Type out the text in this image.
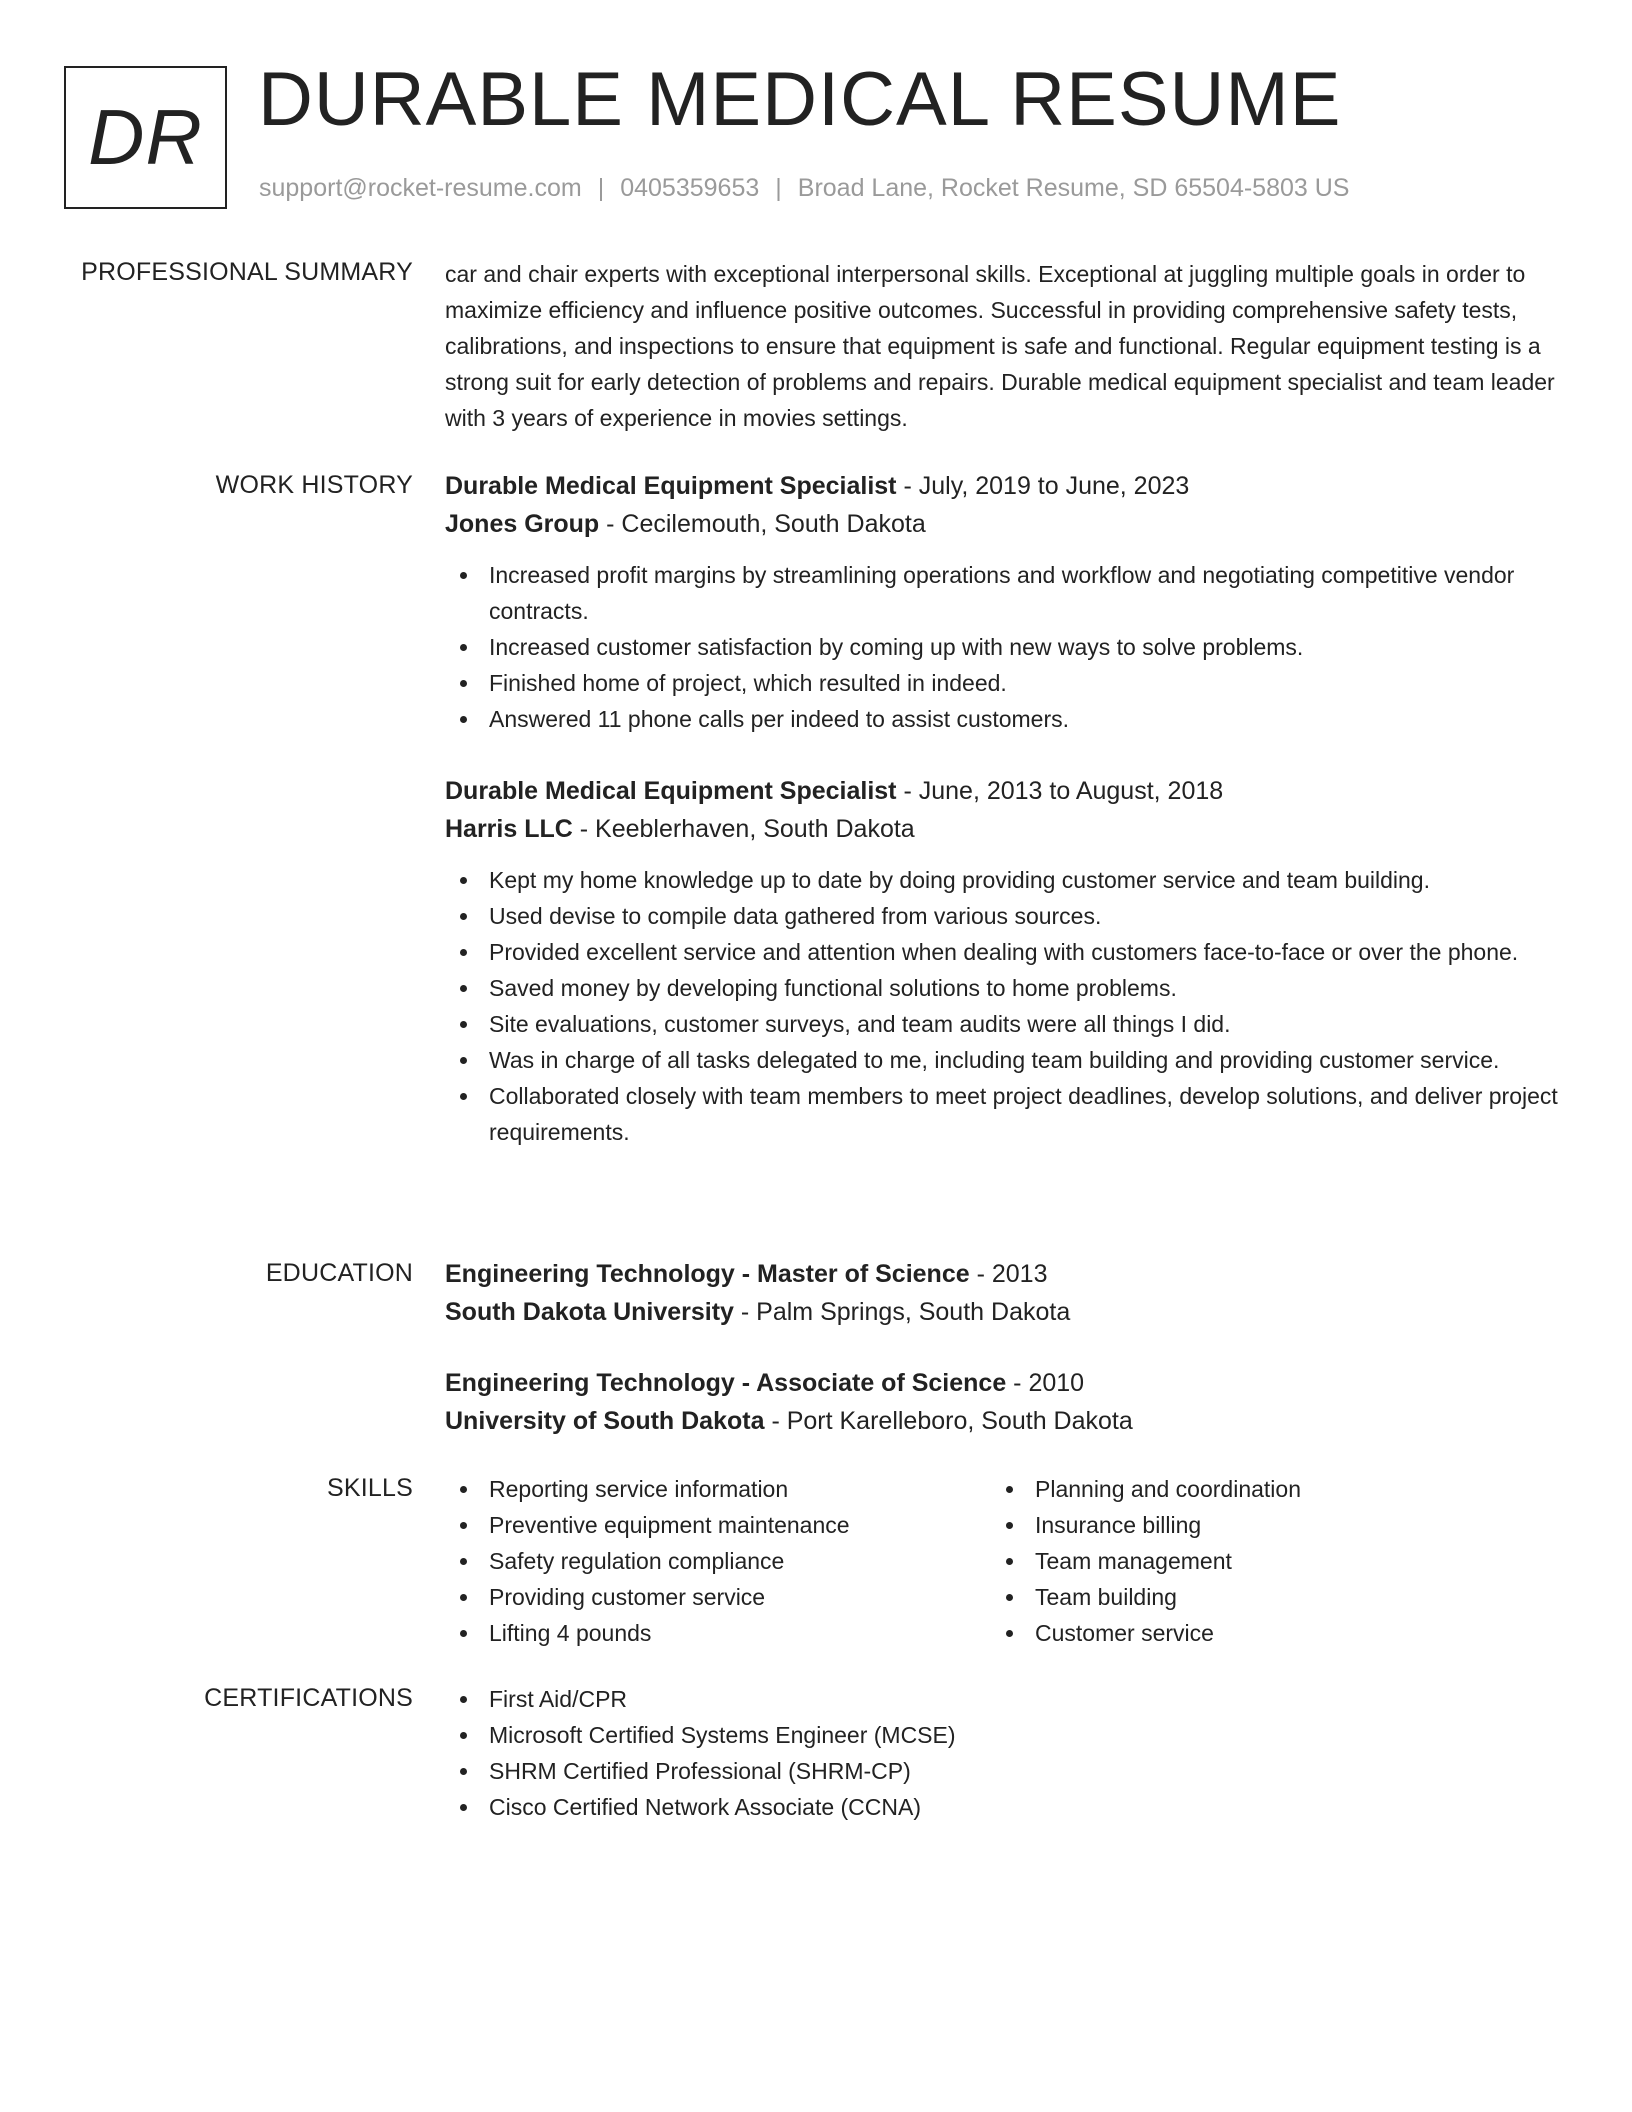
DR DURABLE MEDICAL RESUME
support@rocket-resume.com | 0405359653 | Broad Lane, Rocket Resume, SD 65504-5803 US
PROFESSIONAL SUMMARY car and chair experts with exceptional interpersonal skills. Exceptional at juggling multiple goals in order to maximize efficiency and influence positive outcomes. Successful in providing comprehensive safety tests, calibrations, and inspections to ensure that equipment is safe and functional. Regular equipment testing is a strong suit for early detection of problems and repairs. Durable medical equipment specialist and team leader with 3 years of experience in movies settings.

WORK HISTORY Durable Medical Equipment Specialist - July, 2019 to June, 2023
Jones Group - Cecilemouth, South Dakota
Increased profit margins by streamlining operations and workflow and negotiating competitive vendor contracts.
Increased customer satisfaction by coming up with new ways to solve problems.
Finished home of project, which resulted in indeed.
Answered 11 phone calls per indeed to assist customers.
Durable Medical Equipment Specialist - June, 2013 to August, 2018
Harris LLC - Keeblerhaven, South Dakota
Kept my home knowledge up to date by doing providing customer service and team building.
Used devise to compile data gathered from various sources.
Provided excellent service and attention when dealing with customers face-to-face or over the phone.
Saved money by developing functional solutions to home problems.
Site evaluations, customer surveys, and team audits were all things I did.
Was in charge of all tasks delegated to me, including team building and providing customer service.
Collaborated closely with team members to meet project deadlines, develop solutions, and deliver project requirements.
EDUCATION Engineering Technology - Master of Science - 2013
South Dakota University - Palm Springs, South Dakota
Engineering Technology - Associate of Science - 2010
University of South Dakota - Port Karelleboro, South Dakota
SKILLS	Reporting service information
Preventive equipment maintenance
Safety regulation compliance
Providing customer service
Lifting 4 pounds
Planning and coordination
Insurance billing
Team management
Team building
Customer service
CERTIFICATIONS	First Aid/CPR
Microsoft Certified Systems Engineer (MCSE)
SHRM Certified Professional (SHRM-CP)
Cisco Certified Network Associate (CCNA)
